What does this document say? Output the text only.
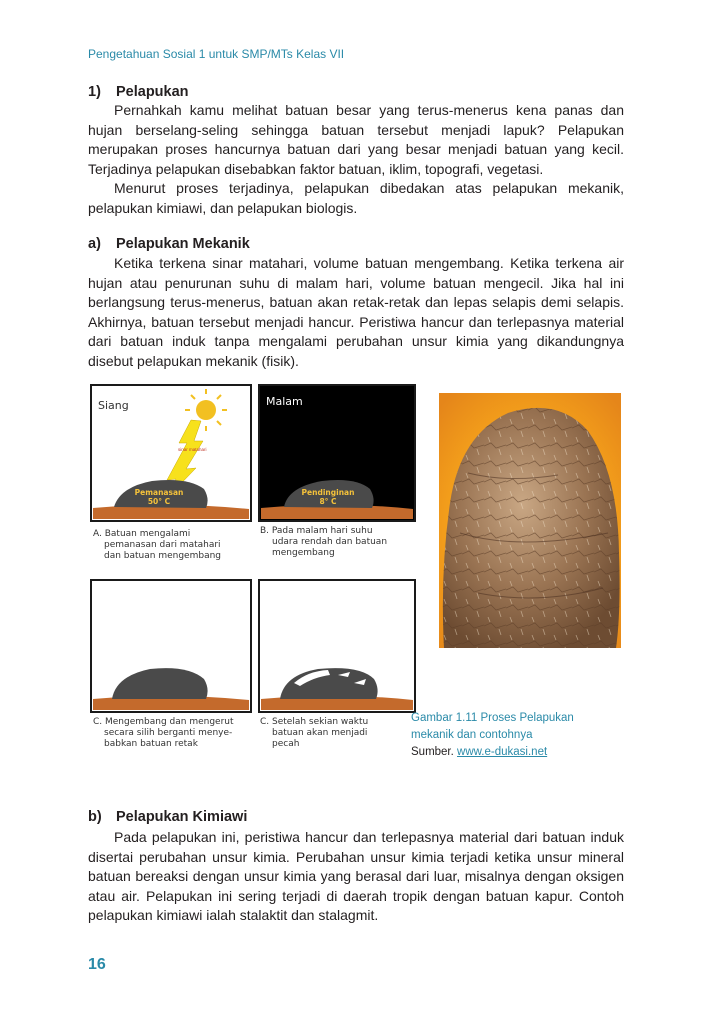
Pengetahuan Sosial 1 untuk SMP/MTs Kelas VII
1) Pelapukan

Pernahkah kamu melihat batuan besar yang terus-menerus kena panas dan hujan berselang-seling sehingga batuan tersebut menjadi lapuk? Pelapukan merupakan proses hancurnya batuan dari yang besar menjadi batuan yang kecil. Terjadinya pelapukan disebabkan faktor batuan, iklim, topografi, vegetasi.

Menurut proses terjadinya, pelapukan dibedakan atas pelapukan mekanik, pelapukan kimiawi, dan pelapukan biologis.

a) Pelapukan Mekanik

Ketika terkena sinar matahari, volume batuan mengembang. Ketika terkena air hujan atau penurunan suhu di malam hari, volume batuan mengecil. Jika hal ini berlangsung terus-menerus, batuan akan retak-retak dan lepas selapis demi selapis. Akhirnya, batuan tersebut menjadi hancur. Peristiwa hancur dan terlepasnya material dari batuan induk tanpa mengalami perubahan unsur kimia yang dikandungnya disebut pelapukan mekanik (fisik).

Siang
sinar matahari
Pemanasan
50° C
A. Batuan mengalami
pemanasan dari matahari
dan batuan mengembang
Malam
Pendinginan
8° C
B. Pada malam hari suhu
udara rendah dan batuan
mengembang
C. Mengembang dan mengerut
secara silih berganti menye-
babkan batuan retak
C. Setelah sekian waktu
batuan akan menjadi
pecah
Gambar 1.11 Proses Pelapukan
mekanik dan contohnya
Sumber. www.e-dukasi.net
b) Pelapukan Kimiawi

Pada pelapukan ini, peristiwa hancur dan terlepasnya material dari batuan induk disertai perubahan unsur kimia. Perubahan unsur kimia terjadi ketika unsur mineral batuan bereaksi dengan unsur kimia yang berasal dari luar, misalnya dengan oksigen atau air. Pelapukan ini sering terjadi di daerah tropik dengan batuan kapur. Contoh pelapukan kimiawi ialah stalaktit dan stalagmit.

16
